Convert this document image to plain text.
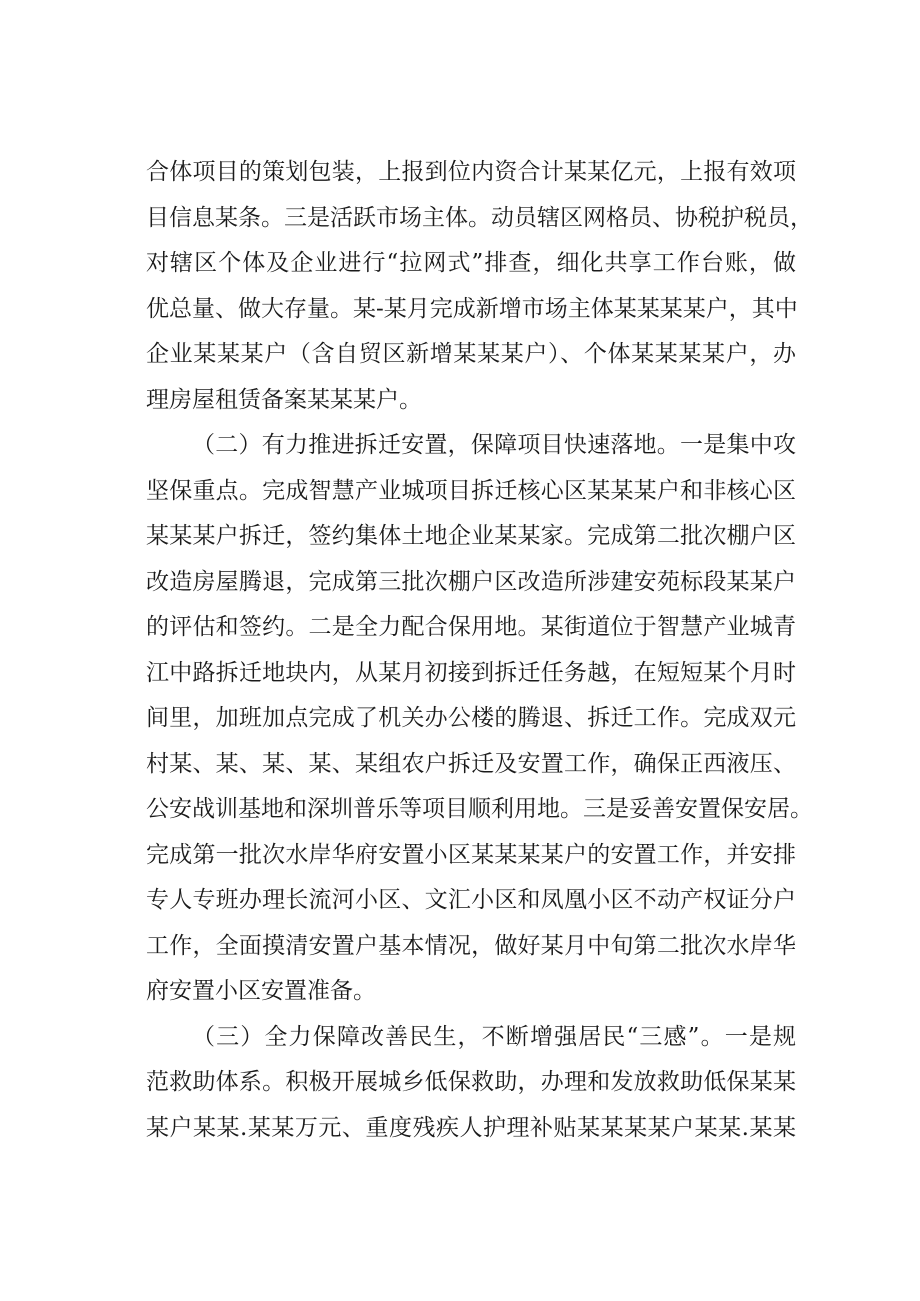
合体项目的策划包装，上报到位内资合计某某亿元，上报有效项
目信息某条。三是活跃市场主体。动员辖区网格员、协税护税员，
对辖区个体及企业进行“拉网式”排查，细化共享工作台账，做
优总量、做大存量。某-某月完成新增市场主体某某某某户，其中
企业某某某户（含自贸区新增某某某户）、个体某某某某户，办
理房屋租赁备案某某某户。
（二）有力推进拆迁安置，保障项目快速落地。一是集中攻
坚保重点。完成智慧产业城项目拆迁核心区某某某户和非核心区
某某某户拆迁，签约集体土地企业某某家。完成第二批次棚户区
改造房屋腾退，完成第三批次棚户区改造所涉建安苑标段某某户
的评估和签约。二是全力配合保用地。某街道位于智慧产业城青
江中路拆迁地块内，从某月初接到拆迁任务越，在短短某个月时
间里，加班加点完成了机关办公楼的腾退、拆迁工作。完成双元
村某、某、某、某、某组农户拆迁及安置工作，确保正西液压、
公安战训基地和深圳普乐等项目顺利用地。三是妥善安置保安居。
完成第一批次水岸华府安置小区某某某某户的安置工作，并安排
专人专班办理长流河小区、文汇小区和凤凰小区不动产权证分户
工作，全面摸清安置户基本情况，做好某月中旬第二批次水岸华
府安置小区安置准备。
（三）全力保障改善民生，不断增强居民“三感”。一是规
范救助体系。积极开展城乡低保救助，办理和发放救助低保某某
某户某某.某某万元、重度残疾人护理补贴某某某某户某某.某某
